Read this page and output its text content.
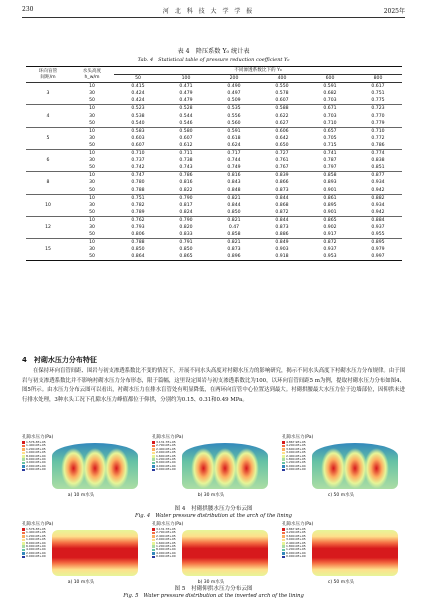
230	河 北 科 技 大 学 学 报	2025年
表 4　降压系数 Y₀ 统计表
Tab. 4　Statistical table of pressure reduction coefficient Y₀
环向盲管
间距/m	水头高度
h_w/m	不同渗透系数比下的 Y₀					
		50	100	200	400	600	800
	10	0.415	0.471	0.490	0.550	0.591	0.617
3	30	0.424	0.479	0.497	0.578	0.682	0.751
	50	0.424	0.479	0.509	0.607	0.703	0.775
	10	0.523	0.528	0.535	0.588	0.671	0.723
4	30	0.538	0.544	0.556	0.622	0.703	0.770
	50	0.540	0.546	0.560	0.627	0.710	0.779
	10	0.583	0.580	0.591	0.606	0.657	0.710
5	30	0.603	0.607	0.618	0.642	0.705	0.772
	50	0.607	0.612	0.624	0.650	0.715	0.786
	10	0.710	0.711	0.717	0.727	0.741	0.774
6	30	0.737	0.738	0.744	0.761	0.787	0.838
	50	0.742	0.743	0.749	0.767	0.797	0.851
	10	0.747	0.786	0.816	0.839	0.858	0.877
8	30	0.780	0.816	0.843	0.866	0.893	0.934
	50	0.788	0.822	0.848	0.873	0.901	0.942
	10	0.751	0.790	0.821	0.844	0.861	0.882
10	30	0.782	0.817	0.844	0.868	0.895	0.934
	50	0.789	0.824	0.850	0.872	0.901	0.942
	10	0.762	0.790	0.821	0.844	0.865	0.884
12	30	0.793	0.820	0.47	0.873	0.902	0.937
	50	0.806	0.833	0.858	0.886	0.917	0.955
	10	0.788	0.791	0.821	0.849	0.872	0.895
15	30	0.850	0.850	0.873	0.903	0.937	0.979
	50	0.864	0.865	0.896	0.918	0.953	0.997
4　衬砌水压力分布特征
在保持环向盲管间距、围岩与初支渗透系数比不变的情况下，开展不同水头高度对衬砌水压力的影响研究，揭示不同水头高度下衬砌水压力分布规律。由于围岩与初支渗透系数比并不影响衬砌水压力分布形态，限于篇幅，这里设定围岩与初支渗透系数比为100，以环向盲管间距5 m为例，提取衬砌水压力分布如图4、图5所示。由水压力分布云图可以看出，衬砌水压力在排水盲管处有明显降低，在两环向盲管中心位置达到最大。衬砌拱腰最大水压力位于边墙部位，因仰拱未进行排水处理，3种水头工况下孔隙水压力峰值都位于仰拱，分别约为0.15、0.31和0.49 MPa。
孔隙水压力(Pa)
1.576.3E+05
1.400.0E+05
1.200.0E+05
1.000.0E+05
8.000.0E+04
6.000.0E+04
4.000.0E+04
2.000.0E+04
0.000.0E+00
a) 10 m水头
孔隙水压力(Pa)
3.131.7E+05
2.790.0E+05
2.400.0E+05
2.000.0E+05
1.600.0E+05
1.200.0E+05
8.000.0E+04
4.000.0E+04
0.000.0E+00
b) 30 m水头
孔隙水压力(Pa)
4.867.9E+05
4.200.0E+05
3.600.0E+05
3.000.0E+05
2.400.0E+05
1.800.0E+05
1.200.0E+05
6.000.0E+04
0.000.0E+00
c) 50 m水头
图 4　衬砌拱腰水压力分布云图
Fig. 4　Water pressure distribution at the arch of the lining
孔隙水压力(Pa)
1.576.3E+05
1.400.0E+05
1.200.0E+05
1.000.0E+05
8.000.0E+04
6.000.0E+04
4.000.0E+04
2.000.0E+04
0.000.0E+00
a) 10 m水头
孔隙水压力(Pa)
3.131.7E+05
2.790.0E+05
2.400.0E+05
2.000.0E+05
1.600.0E+05
1.200.0E+05
8.000.0E+04
4.000.0E+04
0.000.0E+00
b) 30 m水头
孔隙水压力(Pa)
4.867.9E+05
4.200.0E+05
3.600.0E+05
3.000.0E+05
2.400.0E+05
1.800.0E+05
1.200.0E+05
6.000.0E+04
0.000.0E+00
c) 50 m水头
图 5　衬砌仰拱水压力分布云图
Fig. 5　Water pressure distribution at the inverted arch of the lining
